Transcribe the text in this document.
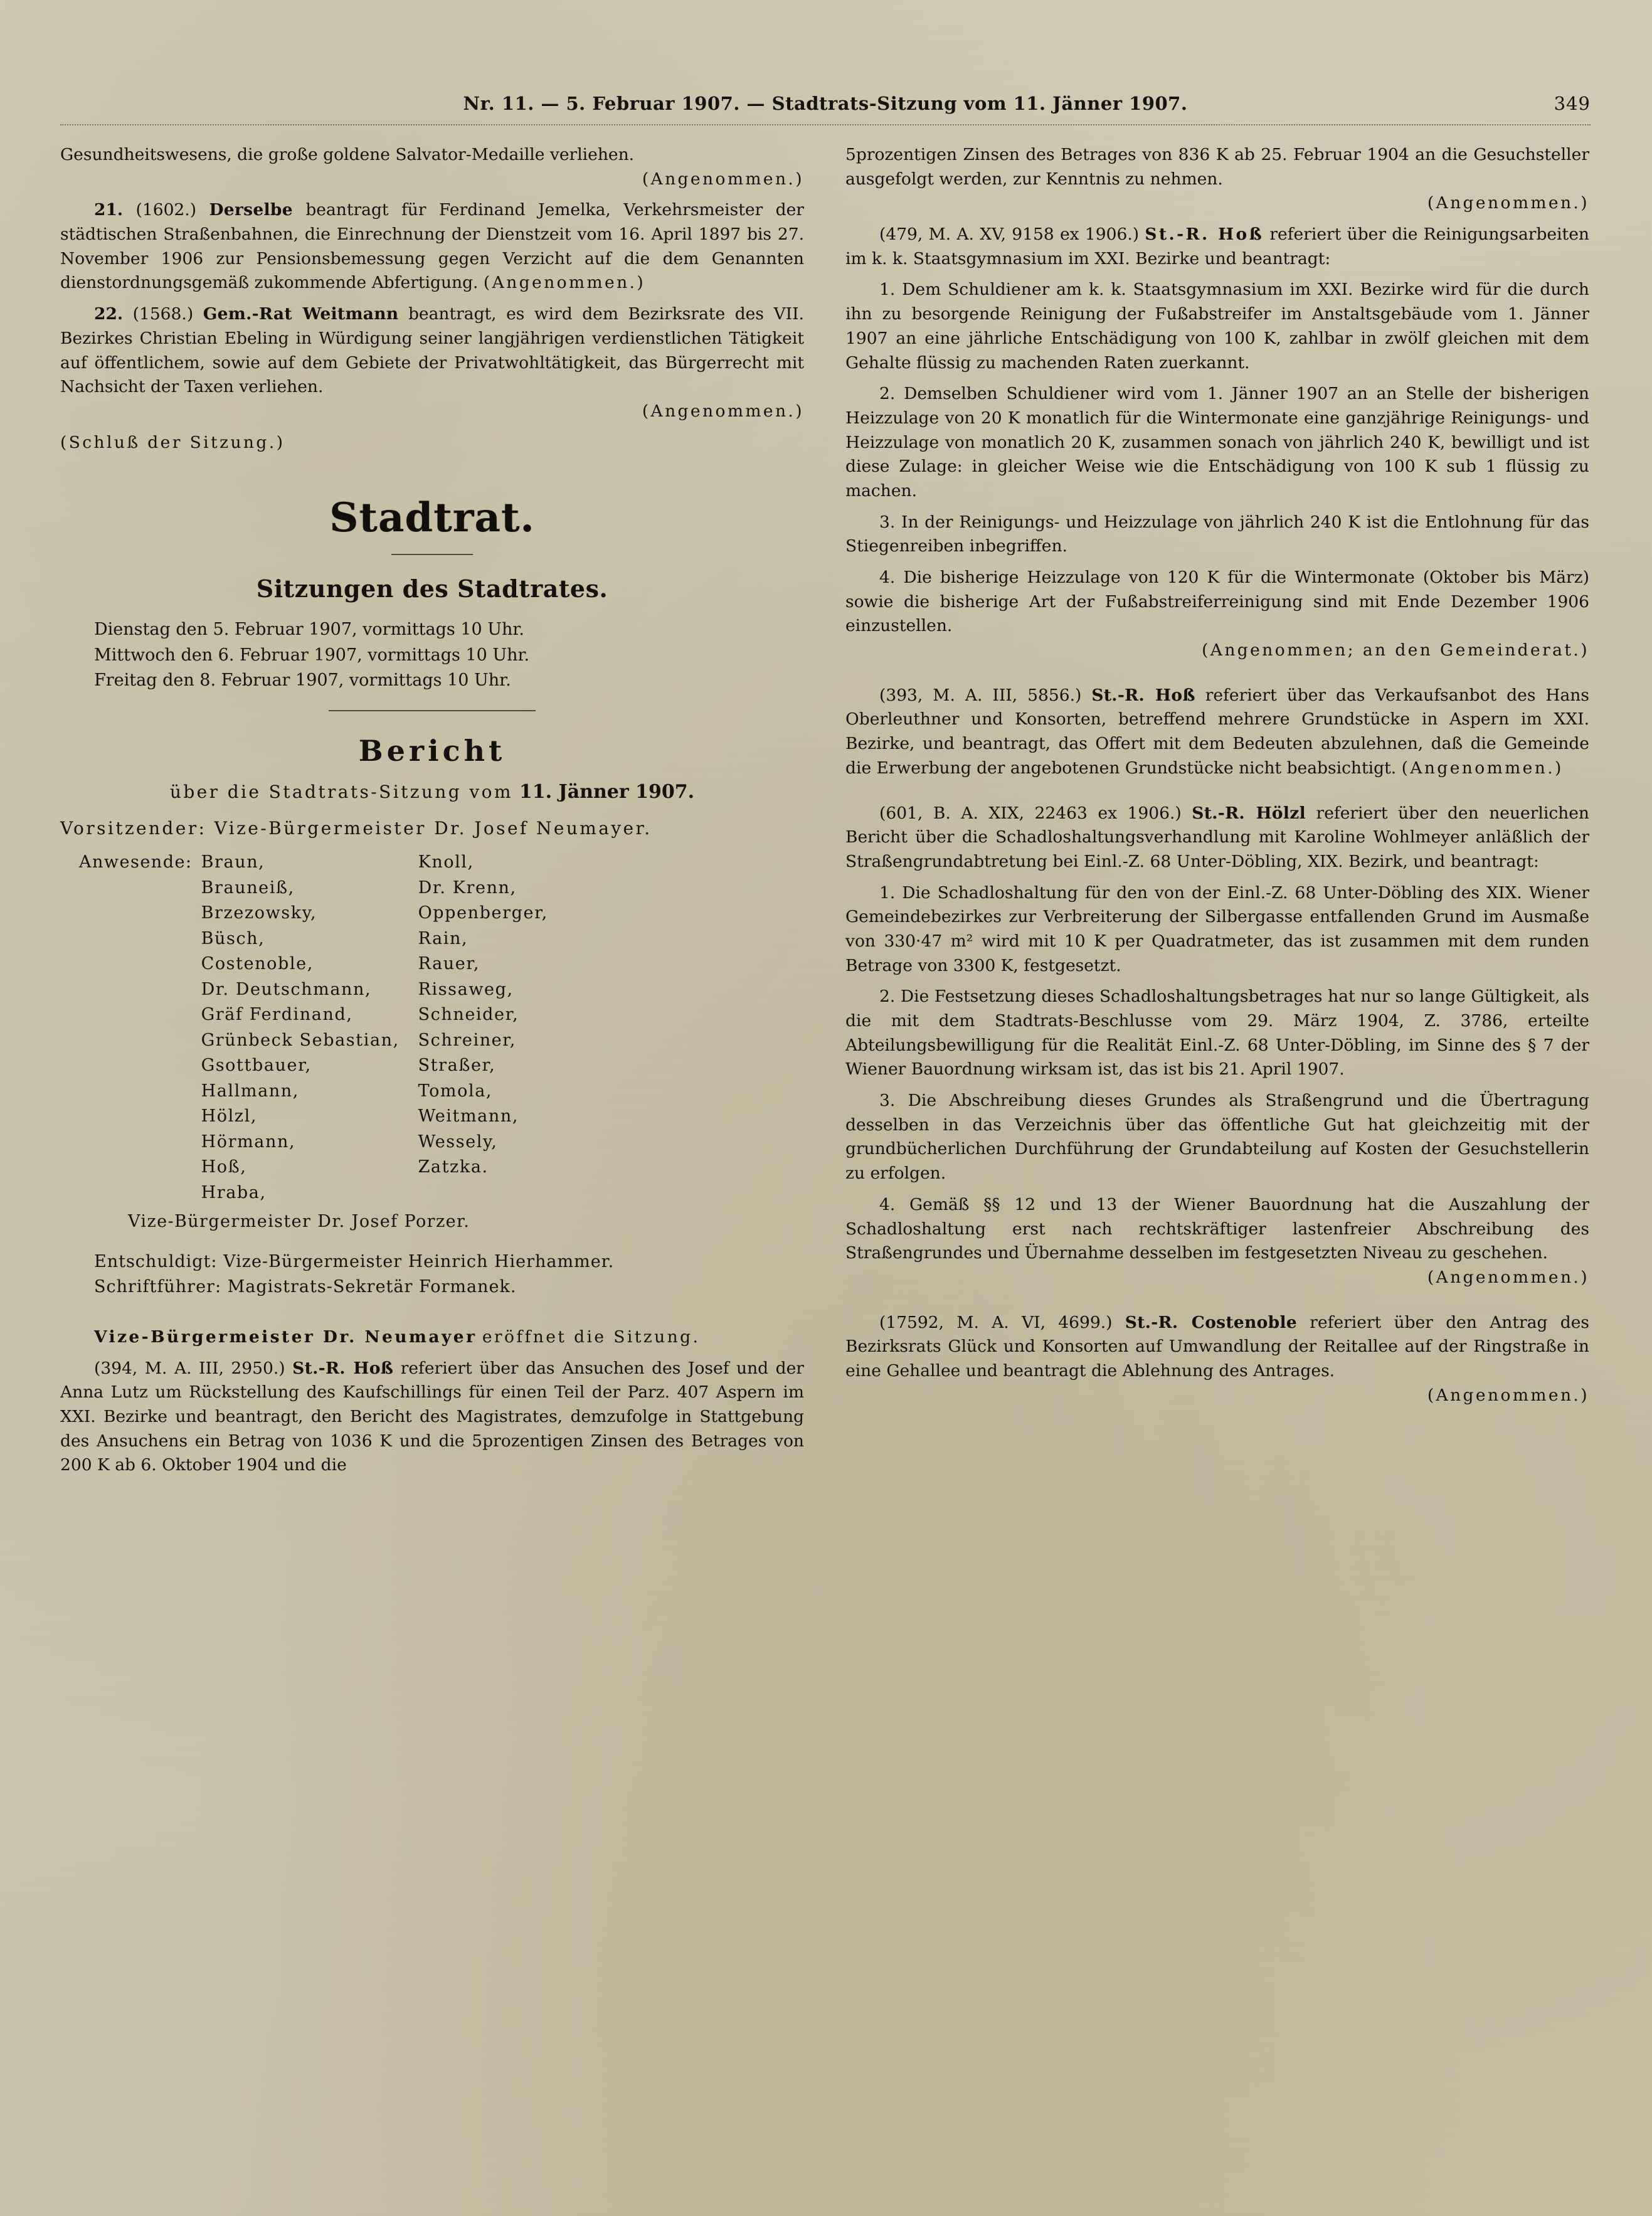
Nr. 11. — 5. Februar 1907. — Stadtrats-Sitzung vom 11. Jänner 1907.	349

Gesundheitswesens, die große goldene Salvator-Medaille verliehen.
(Angenommen.)

21. (1602.) Derselbe beantragt für Ferdinand Jemelka, Verkehrsmeister der städtischen Straßenbahnen, die Einrechnung der Dienstzeit vom 16. April 1897 bis 27. November 1906 zur Pensionsbemessung gegen Verzicht auf die dem Genannten dienstordnungsgemäß zukommende Abfertigung. (Angenommen.)

22. (1568.) Gem.-Rat Weitmann beantragt, es wird dem Bezirksrate des VII. Bezirkes Christian Ebeling in Würdigung seiner langjährigen verdienstlichen Tätigkeit auf öffentlichem, sowie auf dem Gebiete der Privatwohltätigkeit, das Bürgerrecht mit Nachsicht der Taxen verliehen.
(Angenommen.)

(Schluß der Sitzung.)

Stadtrat.
Sitzungen des Stadtrates.
Dienstag den 5. Februar 1907, vormittags 10 Uhr.
Mittwoch den 6. Februar 1907, vormittags 10 Uhr.
Freitag den 8. Februar 1907, vormittags 10 Uhr.
Bericht
über die Stadtrats-Sitzung vom 11. Jänner 1907.

Vorsitzender: Vize-Bürgermeister Dr. Josef Neumayer.

Anwesende: Braun,
Brauneiß,
Brzezowsky,
Büsch,
Costenoble,
Dr. Deutschmann,
Gräf Ferdinand,
Grünbeck Sebastian,
Gsottbauer,
Hallmann,
Hölzl,
Hörmann,
Hoß,
Hraba,
Knoll,
Dr. Krenn,
Oppenberger,
Rain,
Rauer,
Rissaweg,
Schneider,
Schreiner,
Straßer,
Tomola,
Weitmann,
Wessely,
Zatzka.

Vize-Bürgermeister Dr. Josef Porzer.

Entschuldigt: Vize-Bürgermeister Heinrich Hierhammer.

Schriftführer: Magistrats-Sekretär Formanek.

Vize-Bürgermeister Dr. Neumayer eröffnet die Sitzung.

(394, M. A. III, 2950.) St.-R. Hoß referiert über das Ansuchen des Josef und der Anna Lutz um Rückstellung des Kaufschillings für einen Teil der Parz. 407 Aspern im XXI. Bezirke und beantragt, den Bericht des Magistrates, demzufolge in Stattgebung des Ansuchens ein Betrag von 1036 K und die 5prozentigen Zinsen des Betrages von 200 K ab 6. Oktober 1904 und die

5prozentigen Zinsen des Betrages von 836 K ab 25. Februar 1904 an die Gesuchsteller ausgefolgt werden, zur Kenntnis zu nehmen.
(Angenommen.)

(479, M. A. XV, 9158 ex 1906.) St.-R. Hoß referiert über die Reinigungsarbeiten im k. k. Staatsgymnasium im XXI. Bezirke und beantragt:

1. Dem Schuldiener am k. k. Staatsgymnasium im XXI. Bezirke wird für die durch ihn zu besorgende Reinigung der Fußabstreifer im Anstaltsgebäude vom 1. Jänner 1907 an eine jährliche Entschädigung von 100 K, zahlbar in zwölf gleichen mit dem Gehalte flüssig zu machenden Raten zuerkannt.

2. Demselben Schuldiener wird vom 1. Jänner 1907 an an Stelle der bisherigen Heizzulage von 20 K monatlich für die Wintermonate eine ganzjährige Reinigungs- und Heizzulage von monatlich 20 K, zusammen sonach von jährlich 240 K, bewilligt und ist diese Zulage: in gleicher Weise wie die Entschädigung von 100 K sub 1 flüssig zu machen.

3. In der Reinigungs- und Heizzulage von jährlich 240 K ist die Entlohnung für das Stiegenreiben inbegriffen.

4. Die bisherige Heizzulage von 120 K für die Wintermonate (Oktober bis März) sowie die bisherige Art der Fußabstreiferreinigung sind mit Ende Dezember 1906 einzustellen.
(Angenommen; an den Gemeinderat.)

(393, M. A. III, 5856.) St.-R. Hoß referiert über das Verkaufsanbot des Hans Oberleuthner und Konsorten, betreffend mehrere Grundstücke in Aspern im XXI. Bezirke, und beantragt, das Offert mit dem Bedeuten abzulehnen, daß die Gemeinde die Erwerbung der angebotenen Grundstücke nicht beabsichtigt. (Angenommen.)

(601, B. A. XIX, 22463 ex 1906.) St.-R. Hölzl referiert über den neuerlichen Bericht über die Schadloshaltungsverhandlung mit Karoline Wohlmeyer anläßlich der Straßengrundabtretung bei Einl.-Z. 68 Unter-Döbling, XIX. Bezirk, und beantragt:

1. Die Schadloshaltung für den von der Einl.-Z. 68 Unter-Döbling des XIX. Wiener Gemeindebezirkes zur Verbreiterung der Silbergasse entfallenden Grund im Ausmaße von 330·47 m² wird mit 10 K per Quadratmeter, das ist zusammen mit dem runden Betrage von 3300 K, festgesetzt.

2. Die Festsetzung dieses Schadloshaltungsbetrages hat nur so lange Gültigkeit, als die mit dem Stadtrats-Beschlusse vom 29. März 1904, Z. 3786, erteilte Abteilungsbewilligung für die Realität Einl.-Z. 68 Unter-Döbling, im Sinne des § 7 der Wiener Bauordnung wirksam ist, das ist bis 21. April 1907.

3. Die Abschreibung dieses Grundes als Straßengrund und die Übertragung desselben in das Verzeichnis über das öffentliche Gut hat gleichzeitig mit der grundbücherlichen Durchführung der Grundabteilung auf Kosten der Gesuchstellerin zu erfolgen.

4. Gemäß §§ 12 und 13 der Wiener Bauordnung hat die Auszahlung der Schadloshaltung erst nach rechtskräftiger lastenfreier Abschreibung des Straßengrundes und Übernahme desselben im festgesetzten Niveau zu geschehen.
(Angenommen.)

(17592, M. A. VI, 4699.) St.-R. Costenoble referiert über den Antrag des Bezirksrats Glück und Konsorten auf Umwandlung der Reitallee auf der Ringstraße in eine Gehallee und beantragt die Ablehnung des Antrages.
(Angenommen.)
